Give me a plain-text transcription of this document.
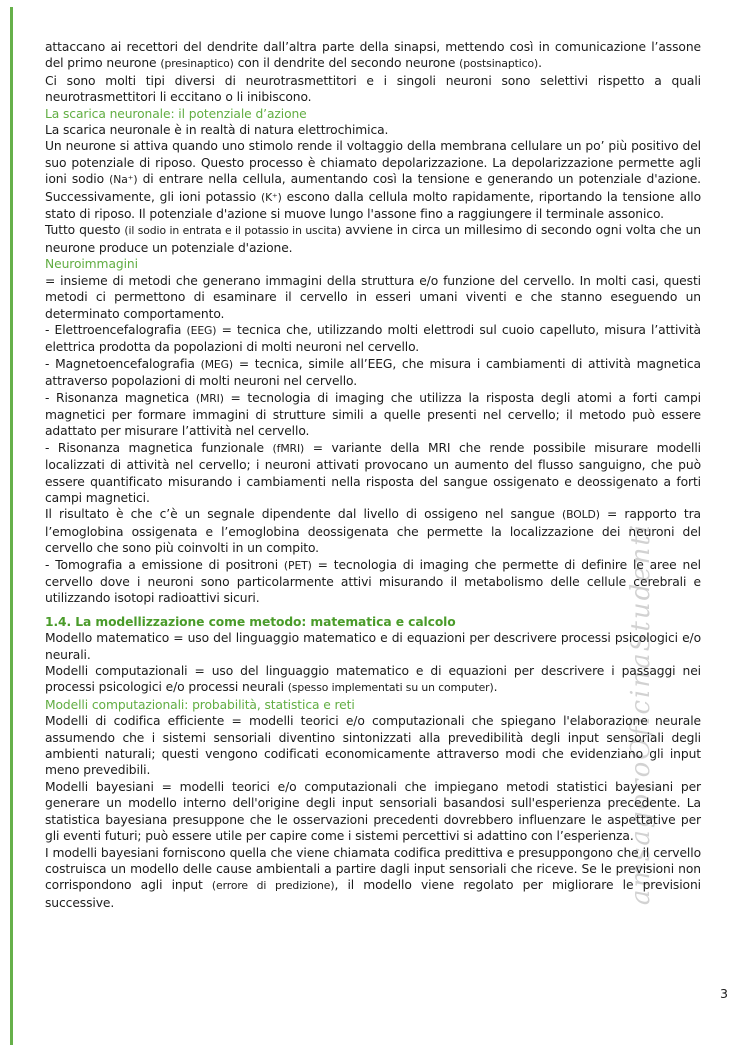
amsagoroOficinaStudenti

attaccano ai recettori del dendrite dall’altra parte della sinapsi, mettendo così in comunicazione l’assone del primo neurone (presinaptico) con il dendrite del secondo neurone (postsinaptico).

Ci sono molti tipi diversi di neurotrasmettitori e i singoli neuroni sono selettivi rispetto a quali neurotrasmettitori li eccitano o li inibiscono.

La scarica neuronale: il potenziale d’azione

La scarica neuronale è in realtà di natura elettrochimica.

Un neurone si attiva quando uno stimolo rende il voltaggio della membrana cellulare un po’ più positivo del suo potenziale di riposo. Questo processo è chiamato depolarizzazione. La depolarizzazione permette agli ioni sodio (Na⁺) di entrare nella cellula, aumentando così la tensione e generando un potenziale d'azione. Successivamente, gli ioni potassio (K⁺) escono dalla cellula molto rapidamente, riportando la tensione allo stato di riposo. Il potenziale d'azione si muove lungo l'assone fino a raggiungere il terminale assonico.

Tutto questo (il sodio in entrata e il potassio in uscita) avviene in circa un millesimo di secondo ogni volta che un neurone produce un potenziale d'azione.

Neuroimmagini

= insieme di metodi che generano immagini della struttura e/o funzione del cervello. In molti casi, questi metodi ci permettono di esaminare il cervello in esseri umani viventi e che stanno eseguendo un determinato comportamento.

- Elettroencefalografia (EEG) = tecnica che, utilizzando molti elettrodi sul cuoio capelluto, misura l’attività elettrica prodotta da popolazioni di molti neuroni nel cervello.

- Magnetoencefalografia (MEG) = tecnica, simile all’EEG, che misura i cambiamenti di attività magnetica attraverso popolazioni di molti neuroni nel cervello.

- Risonanza magnetica (MRI) = tecnologia di imaging che utilizza la risposta degli atomi a forti campi magnetici per formare immagini di strutture simili a quelle presenti nel cervello; il metodo può essere adattato per misurare l’attività nel cervello.

- Risonanza magnetica funzionale (fMRI) = variante della MRI che rende possibile misurare modelli localizzati di attività nel cervello; i neuroni attivati provocano un aumento del flusso sanguigno, che può essere quantificato misurando i cambiamenti nella risposta del sangue ossigenato e deossigenato a forti campi magnetici.

Il risultato è che c’è un segnale dipendente dal livello di ossigeno nel sangue (BOLD) = rapporto tra l’emoglobina ossigenata e l’emoglobina deossigenata che permette la localizzazione dei neuroni del cervello che sono più coinvolti in un compito.

- Tomografia a emissione di positroni (PET) = tecnologia di imaging che permette di definire le aree nel cervello dove i neuroni sono particolarmente attivi misurando il metabolismo delle cellule cerebrali e utilizzando isotopi radioattivi sicuri.

1.4. La modellizzazione come metodo: matematica e calcolo

Modello matematico = uso del linguaggio matematico e di equazioni per descrivere processi psicologici e/o neurali.

Modelli computazionali = uso del linguaggio matematico e di equazioni per descrivere i passaggi nei processi psicologici e/o processi neurali (spesso implementati su un computer).

Modelli computazionali: probabilità, statistica e reti

Modelli di codifica efficiente = modelli teorici e/o computazionali che spiegano l'elaborazione neurale assumendo che i sistemi sensoriali diventino sintonizzati alla prevedibilità degli input sensoriali degli ambienti naturali; questi vengono codificati economicamente attraverso modi che evidenziano gli input meno prevedibili.

Modelli bayesiani = modelli teorici e/o computazionali che impiegano metodi statistici bayesiani per generare un modello interno dell'origine degli input sensoriali basandosi sull'esperienza precedente. La statistica bayesiana presuppone che le osservazioni precedenti dovrebbero influenzare le aspettative per gli eventi futuri; può essere utile per capire come i sistemi percettivi si adattino con l’esperienza.

I modelli bayesiani forniscono quella che viene chiamata codifica predittiva e presuppongono che il cervello costruisca un modello delle cause ambientali a partire dagli input sensoriali che riceve. Se le previsioni non corrispondono agli input (errore di predizione), il modello viene regolato per migliorare le previsioni successive.

3
